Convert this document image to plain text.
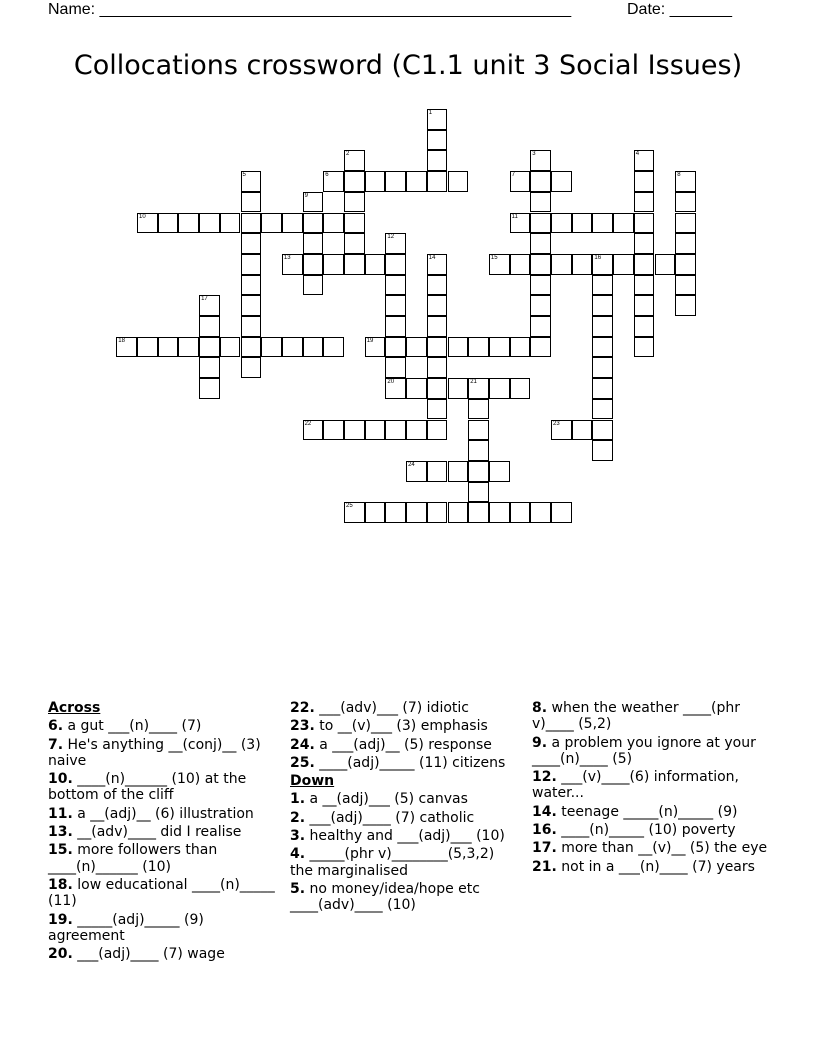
Name: _____________________________________________________	Date: _______
Collocations crossword (C1.1 unit 3 Social Issues)
6	7
10	11
13	15	16
18	19
20	21
22	23
24
25
1
2	3	4
5	8
9
12
14
17
Across
6. a gut ___(n)____ (7)
7. He's anything __(conj)__ (3) naive
10. ____(n)______ (10) at the bottom of the cliff
11. a __(adj)__ (6) illustration
13. __(adv)____ did I realise
15. more followers than ____(n)______ (10)
18. low educational ____(n)_____ (11)
19. _____(adj)_____ (9) agreement
20. ___(adj)____ (7) wage
22. ___(adv)___ (7) idiotic
23. to __(v)___ (3) emphasis
24. a ___(adj)__ (5) response
25. ____(adj)_____ (11) citizens
Down
1. a __(adj)___ (5) canvas
2. ___(adj)____ (7) catholic
3. healthy and ___(adj)___ (10)
4. _____(phr v)________(5,3,2) the marginalised
5. no money/idea/hope etc ____(adv)____ (10)
8. when the weather ____(phr v)____ (5,2)
9. a problem you ignore at your ____(n)____ (5)
12. ___(v)____(6) information, water...
14. teenage _____(n)_____ (9)
16. ____(n)_____ (10) poverty
17. more than __(v)__ (5) the eye
21. not in a ___(n)____ (7) years
